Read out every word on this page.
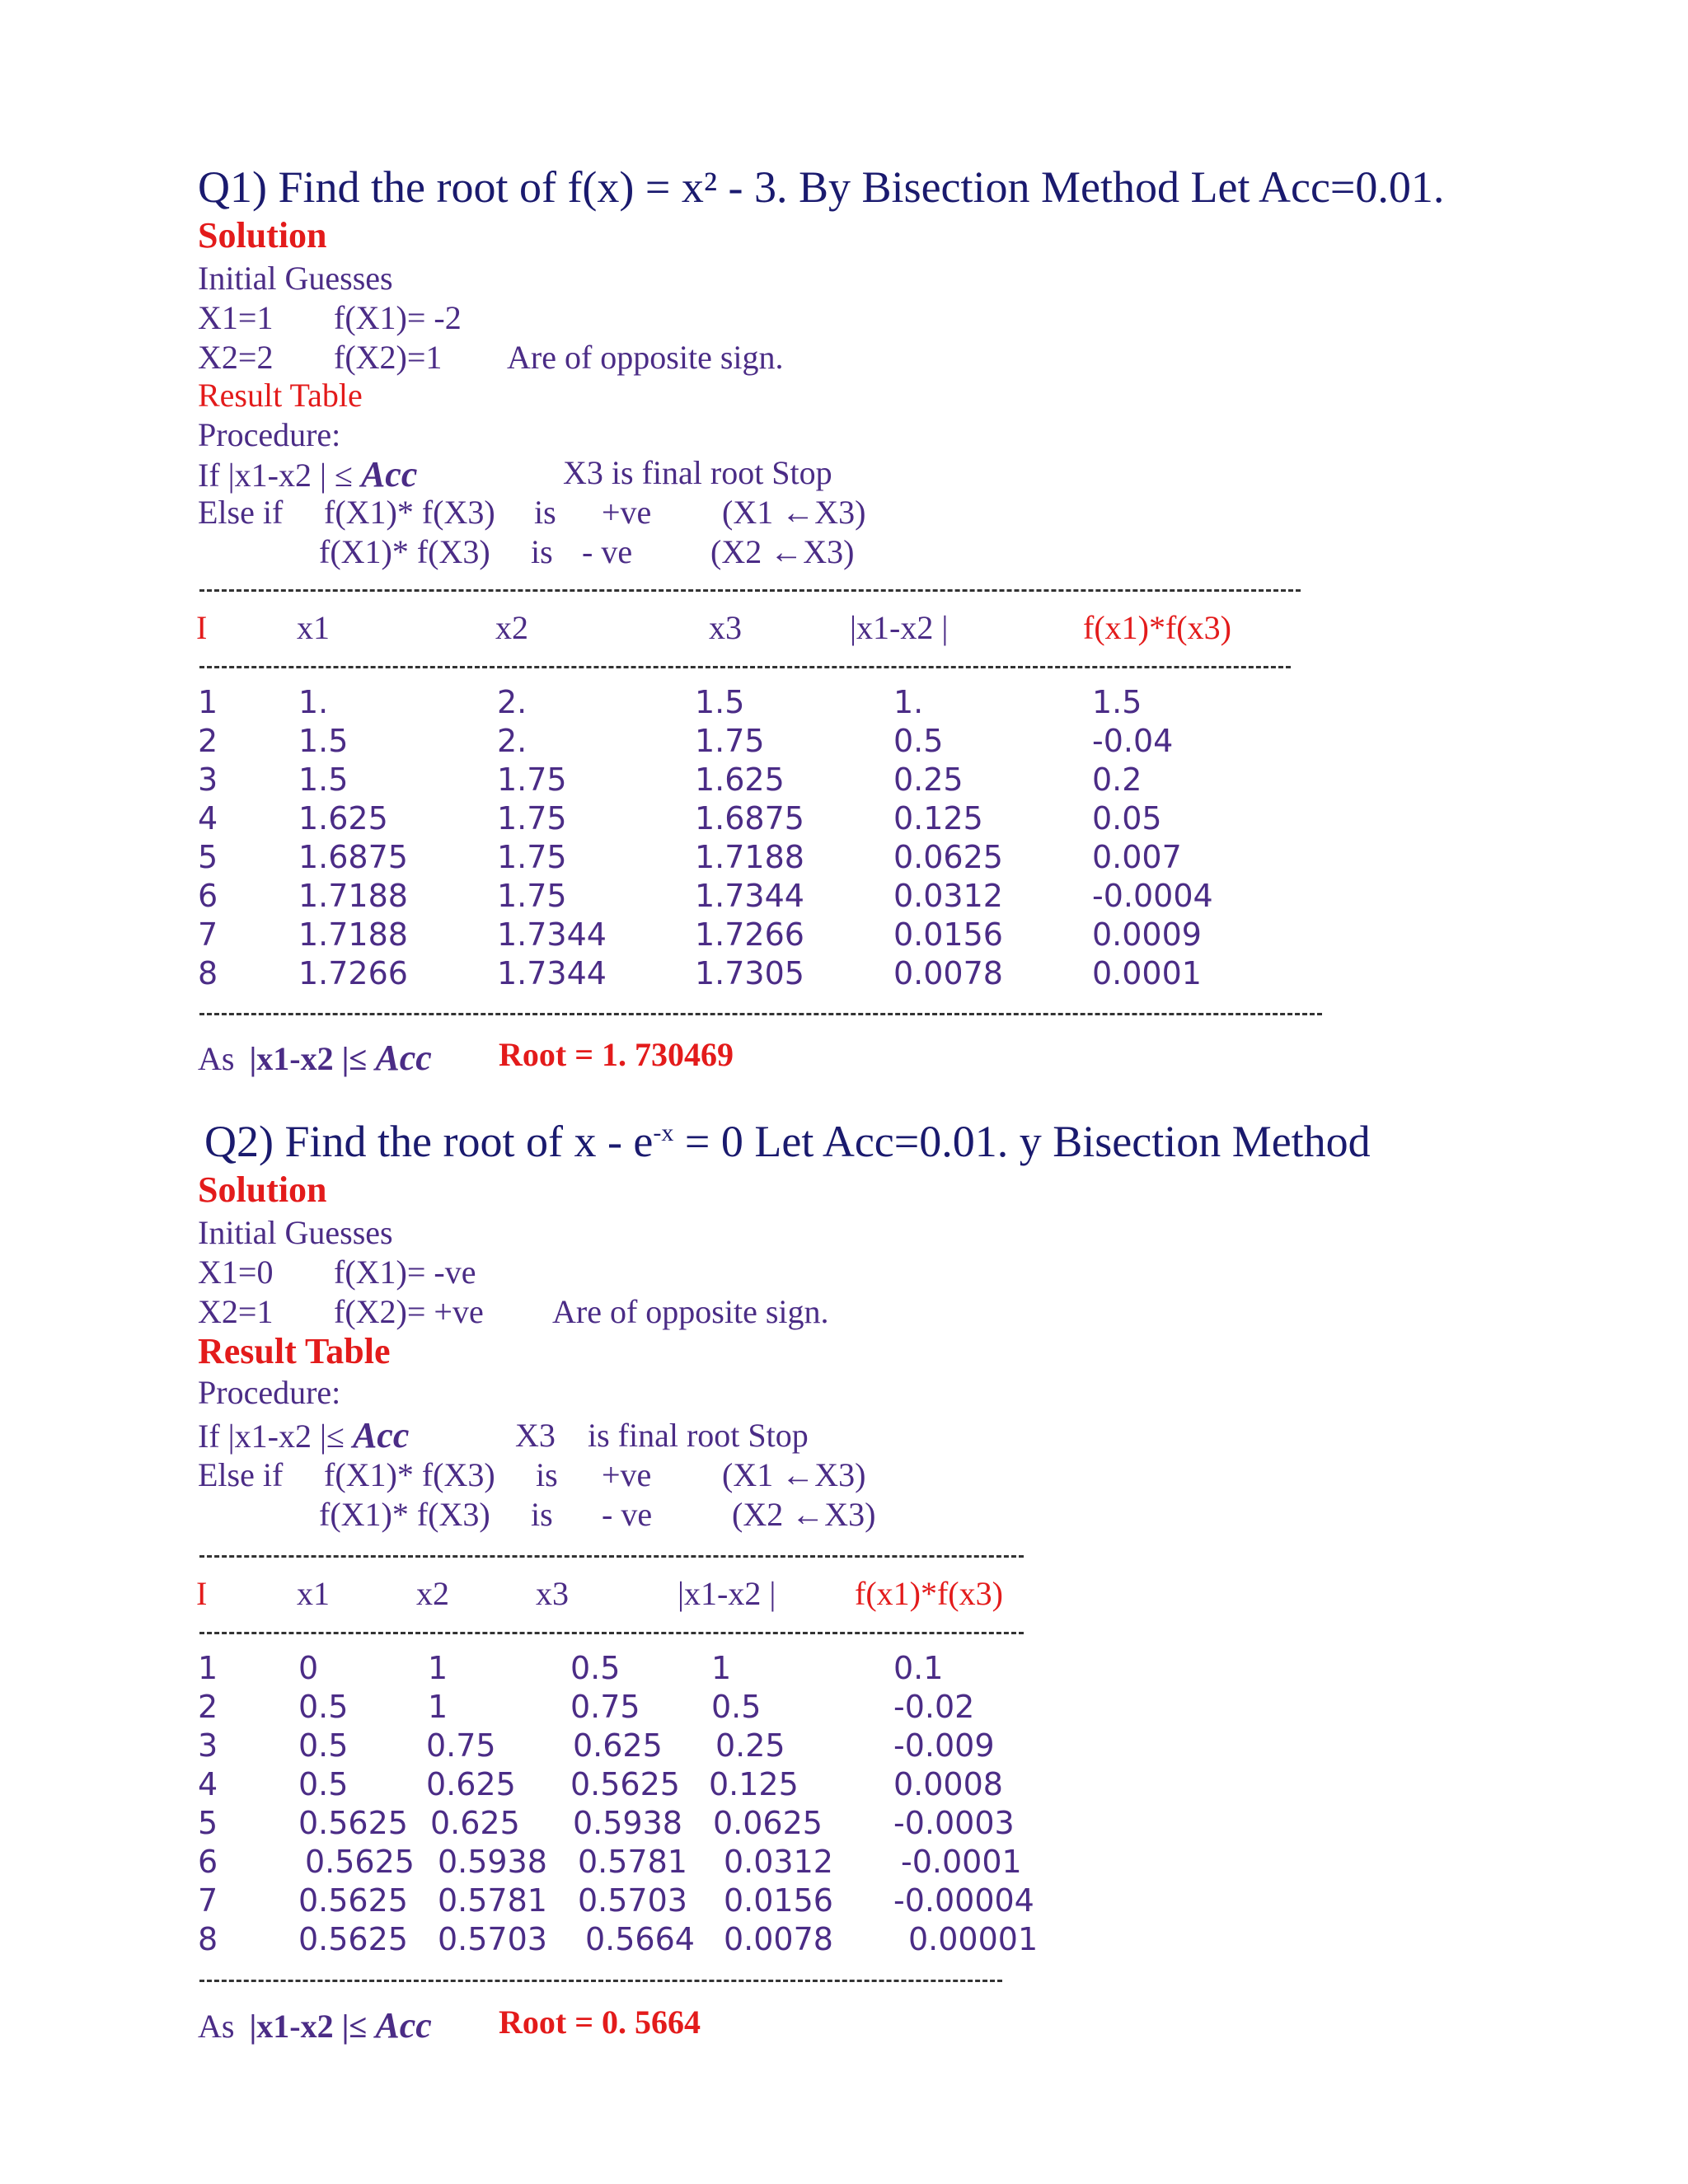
Q1) Find the root of f(x) = x² - 3. By Bisection Method Let Acc=0.01.
Solution
Initial Guesses
X1=1 f(X1)= -2
X2=2 f(X2)=1 Are of opposite sign.
Result Table
Procedure:
If |x1-x2 | ≤ Acc	X3 is final root Stop
Else if f(X1)* f(X3) is +ve (X1 ←X3)
f(X1)* f(X3) is - ve (X2 ←X3)
I	x1	x2	x3	|x1-x2 |	f(x1)*f(x3)
1	1.	2.	1.5	1.	1.5
2	1.5	2.	1.75	0.5	-0.04
3	1.5	1.75	1.625	0.25	0.2
4	1.625	1.75	1.6875	0.125	0.05
5	1.6875	1.75	1.7188	0.0625	0.007
6	1.7188	1.75	1.7344	0.0312	-0.0004
7	1.7188	1.7344	1.7266	0.0156	0.0009
8	1.7266	1.7344	1.7305	0.0078	0.0001
As |x1-x2 |≤ Acc Root = 1. 730469
Q2) Find the root of $x - e^{-x} = 0$ Let Acc=0.01. y Bisection Method
Solution
Initial Guesses
X1=0 f(X1)= -ve
X2=1 f(X2)= +ve Are of opposite sign.
Result Table
Procedure:
If |x1-x2 |≤ Acc	X3 is final root Stop
Else if f(X1)* f(X3) is +ve (X1 ←X3)
f(X1)* f(X3) is - ve (X2 ←X3)
I	x1	x2	x3	|x1-x2 | f(x1)*f(x3)
1	0	1	0.5	1	0.1
2	0.5	1	0.75 0.5	-0.02
3	0.5 0.75 0.625 0.25	-0.009
4	0.5 0.625 0.5625 0.125	0.0008
5	0.5625 0.625 0.5938 0.0625 -0.0003
6	0.5625 0.5938 0.5781 0.0312 -0.0001
7	0.5625 0.5781 0.5703 0.0156 -0.00004
8	0.5625 0.5703 0.5664 0.0078 0.00001
As |x1-x2 |≤ Acc Root = 0. 5664
